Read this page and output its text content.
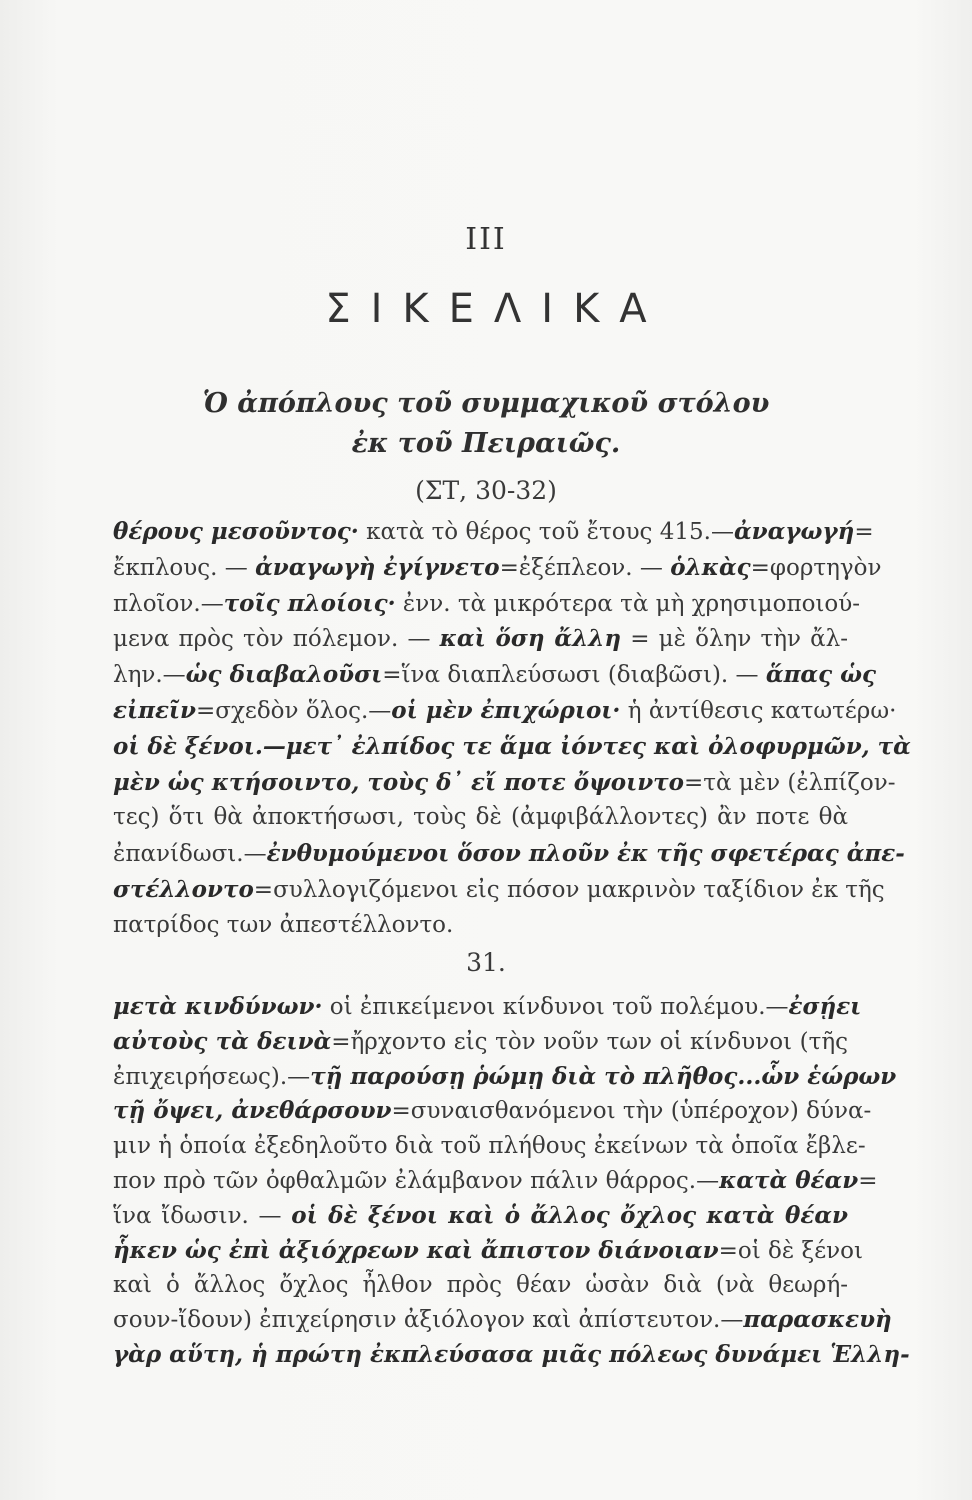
III
ΣΙΚΕΛΙΚΑ
Ὁ ἀπόπλους τοῦ συμμαχικοῦ στόλου
ἐκ τοῦ Πειραιῶς.
(ΣΤ, 30-32)
θέρους μεσοῦντος· κατὰ τὸ θέρος τοῦ ἔτους 415.—ἀναγωγή=
ἔκπλους. — ἀναγωγὴ ἐγίγνετο=ἐξέπλεον. — ὁλκὰς=φορτηγὸν
πλοῖον.—τοῖς πλοίοις· ἐνν. τὰ μικρότερα τὰ μὴ χρησιμοποιού-
μενα πρὸς τὸν πόλεμον. — καὶ ὅση ἄλλη = μὲ ὅλην τὴν ἄλ-
λην.—ὡς διαβαλοῦσι=ἵνα διαπλεύσωσι (διαβῶσι). — ἅπας ὡς
εἰπεῖν=σχεδὸν ὅλος.—οἱ μὲν ἐπιχώριοι· ἡ ἀντίθεσις κατωτέρω·
οἱ δὲ ξένοι.—μετ᾿ ἐλπίδος τε ἅμα ἰόντες καὶ ὀλοφυρμῶν, τὰ
μὲν ὡς κτήσοιντο, τοὺς δ᾿ εἴ ποτε ὄψοιντο=τὰ μὲν (ἐλπίζον-
τες) ὅτι θὰ ἀποκτήσωσι, τοὺς δὲ (ἀμφιβάλλοντες) ἂν ποτε θὰ
ἐπανίδωσι.—ἐνθυμούμενοι ὅσον πλοῦν ἐκ τῆς σφετέρας ἀπε-
στέλλοντο=συλλογιζόμενοι εἰς πόσον μακρινὸν ταξίδιον ἐκ τῆς
πατρίδος των ἀπεστέλλοντο.
31.
μετὰ κινδύνων· οἱ ἐπικείμενοι κίνδυνοι τοῦ πολέμου.—ἐσῄει
αὐτοὺς τὰ δεινὰ=ἤρχοντο εἰς τὸν νοῦν των οἱ κίνδυνοι (τῆς
ἐπιχειρήσεως).—τῇ παρούσῃ ῥώμῃ διὰ τὸ πλῆθος...ὧν ἑώρων
τῇ ὄψει, ἀνεθάρσουν=συναισθανόμενοι τὴν (ὑπέροχον) δύνα-
μιν ἡ ὁποία ἐξεδηλοῦτο διὰ τοῦ πλήθους ἐκείνων τὰ ὁποῖα ἔβλε-
πον πρὸ τῶν ὀφθαλμῶν ἐλάμβανον πάλιν θάρρος.—κατὰ θέαν=
ἵνα ἴδωσιν. — οἱ δὲ ξένοι καὶ ὁ ἄλλος ὄχλος κατὰ θέαν
ἧκεν ὡς ἐπὶ ἀξιόχρεων καὶ ἄπιστον διάνοιαν=οἱ δὲ ξένοι
καὶ ὁ ἄλλος ὄχλος ἦλθον πρὸς θέαν ὡσὰν διὰ (νὰ θεωρή-
σουν-ἴδουν) ἐπιχείρησιν ἀξιόλογον καὶ ἀπίστευτον.—παρασκευὴ
γὰρ αὕτη, ἡ πρώτη ἐκπλεύσασα μιᾶς πόλεως δυνάμει Ἑλλη-
